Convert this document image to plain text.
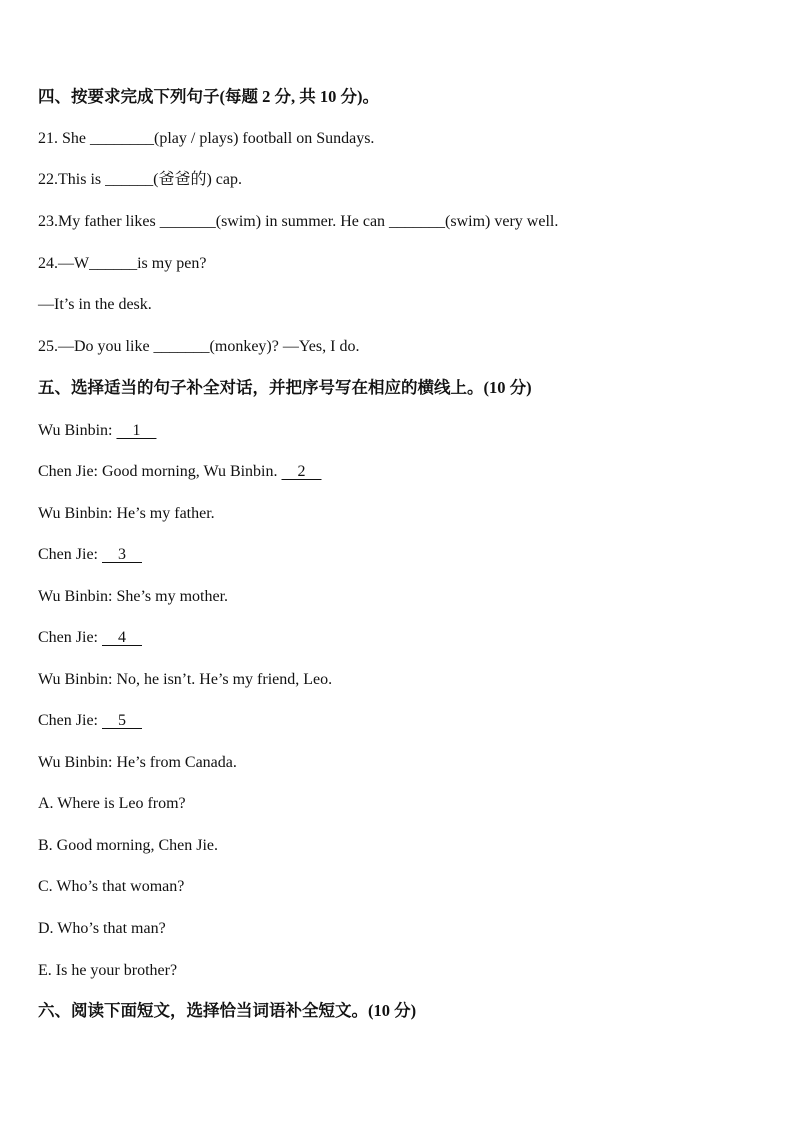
四、按要求完成下列句子(每题 2 分, 共 10 分)。
21. She ________(play / plays) football on Sundays.
22.This is ______(爸爸的) cap.
23.My father likes _______(swim) in summer. He can _______(swim) very well.
24.—W______is my pen?
—It’s in the desk.
25.—Do you like _______(monkey)? —Yes, I do.
五、选择适当的句子补全对话，并把序号写在相应的横线上。(10 分)
Wu Binbin:     1
Chen Jie: Good morning, Wu Binbin.     2
Wu Binbin: He’s my father.
Chen Jie:     3
Wu Binbin: She’s my mother.
Chen Jie:     4
Wu Binbin: No, he isn’t. He’s my friend, Leo.
Chen Jie:     5
Wu Binbin: He’s from Canada.
A. Where is Leo from?
B. Good morning, Chen Jie.
C. Who’s that woman?
D. Who’s that man?
E. Is he your brother?
六、阅读下面短文，选择恰当词语补全短文。(10 分)
